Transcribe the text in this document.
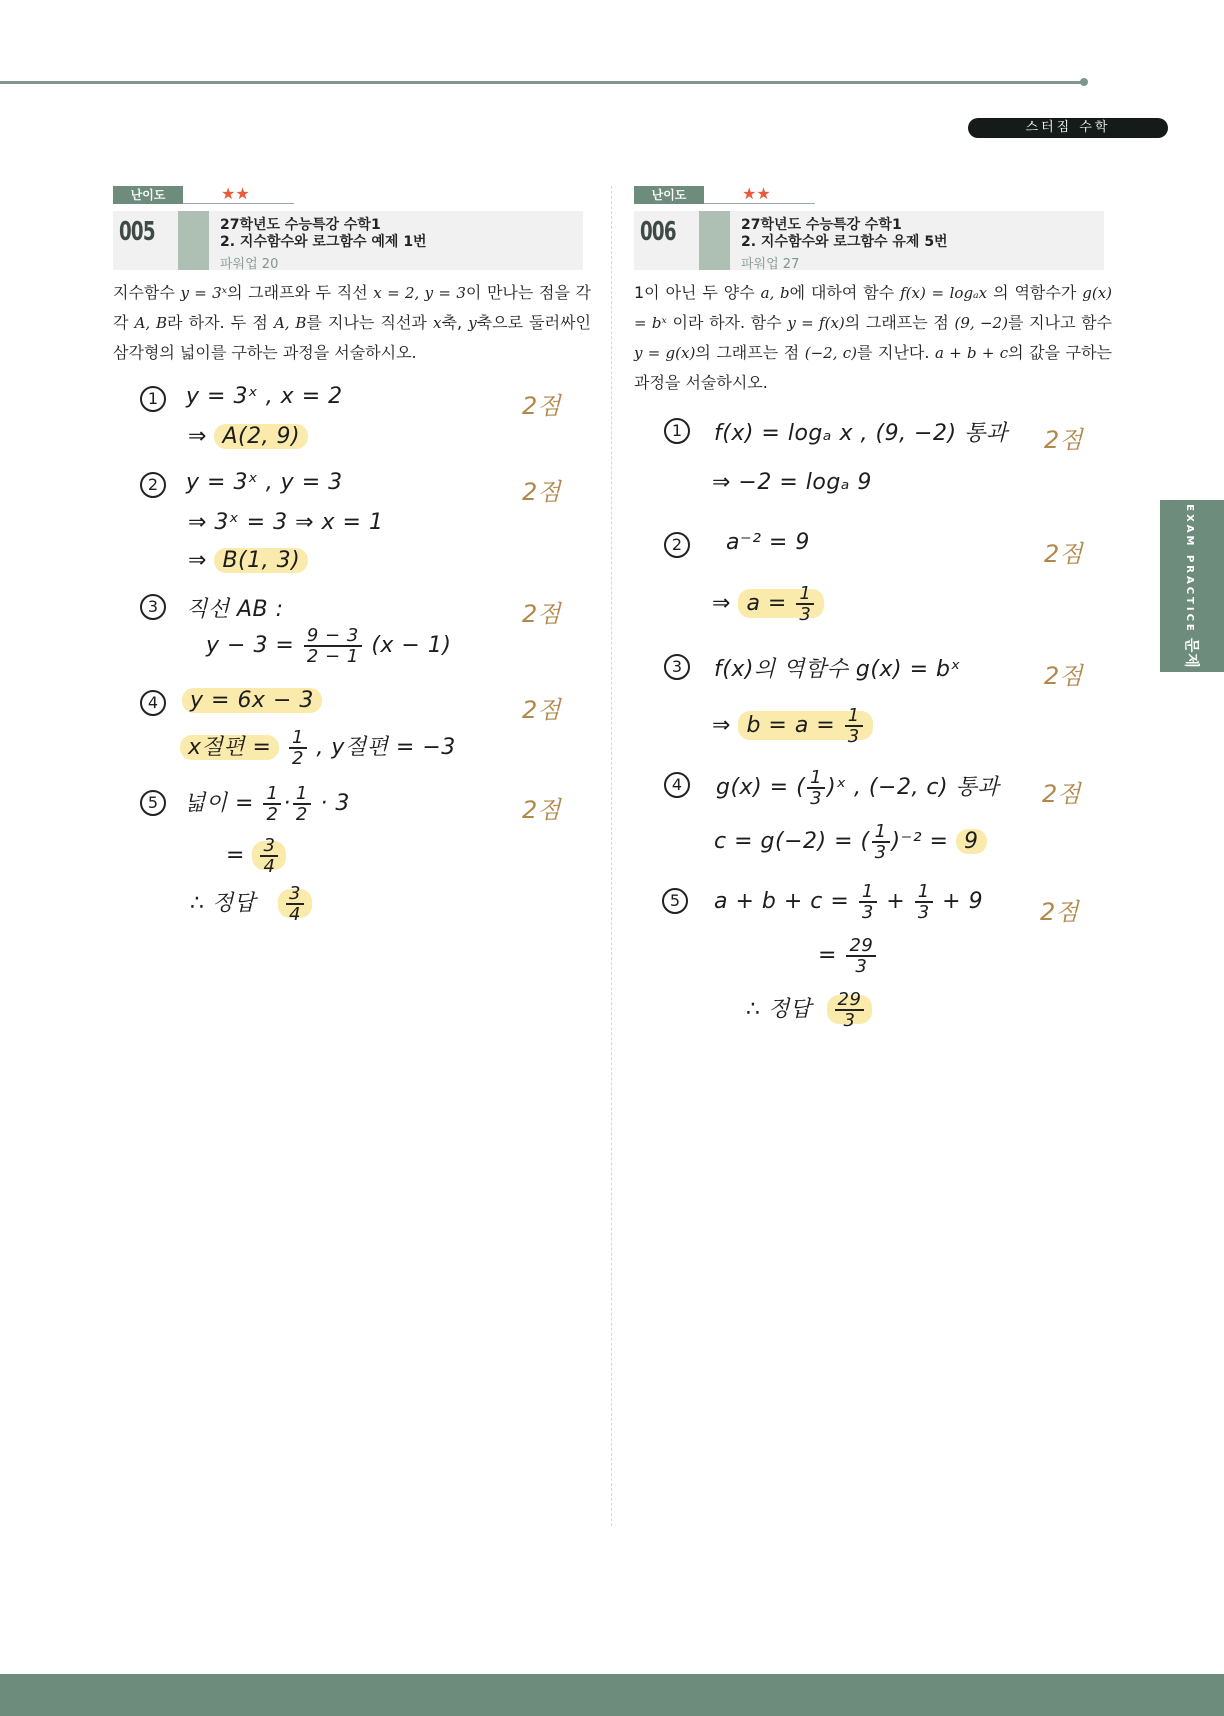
스터짐 수학
EXAM PRACTICE문제
난이도	★★
005	27학년도 수능특강 수학1
2. 지수함수와 로그함수 예제 1번
파워업 20
지수함수 y = 3ˣ의 그래프와 두 직선 x = 2, y = 3이 만나는 점을 각각 A, B라 하자. 두 점 A, B를 지나는 직선과 x축, y축으로 둘러싸인 삼각형의 넓이를 구하는 과정을 서술하시오.
1	y = 3ˣ , x = 2	2점
⇒ A(2, 9)
2	y = 3ˣ , y = 3	2점
⇒ 3ˣ = 3 ⇒ x = 1
⇒ B(1, 3)
3	직선 AB :	2점
$y - 3 = \frac{9 - 3}{2 - 1} (x - 1)$
4	y = 6x − 3	2점
x절편 = $\frac{1}{2}$ , y절편 = −3
5	넓이 = $\frac{1}{2} \cdot \frac{1}{2} \cdot 3$	2점
= $\frac{3}{4}$
∴ 정답 $\frac{3}{4}$
난이도	★★
006	27학년도 수능특강 수학1
2. 지수함수와 로그함수 유제 5번
파워업 27
1이 아닌 두 양수 a, b에 대하여 함수 f(x) = logₐx 의 역함수가 g(x) = bˣ 이라 하자. 함수 y = f(x)의 그래프는 점 (9, −2)를 지나고 함수 y = g(x)의 그래프는 점 (−2, c)를 지난다. a + b + c의 값을 구하는 과정을 서술하시오.
1	f(x) = logₐ x , (9, −2) 통과 2점
⇒ −2 = logₐ 9
2	a⁻² = 9	2점
⇒ $a = \frac{1}{3}$
3	f(x)의 역함수 g(x) = bˣ	2점
⇒ $b = a = \frac{1}{3}$
4	g(x) = ( $\frac{1}{3}$ )ˣ , (−2, c) 통과 2점
c = g(−2) = ( $\frac{1}{3} )^{-2} = 9$
5	$a + b + c = \frac{1}{3} + \frac{1}{3} + 9$ 2점
= $\frac{29}{3}$
∴ 정답 $\frac{29}{3}$
